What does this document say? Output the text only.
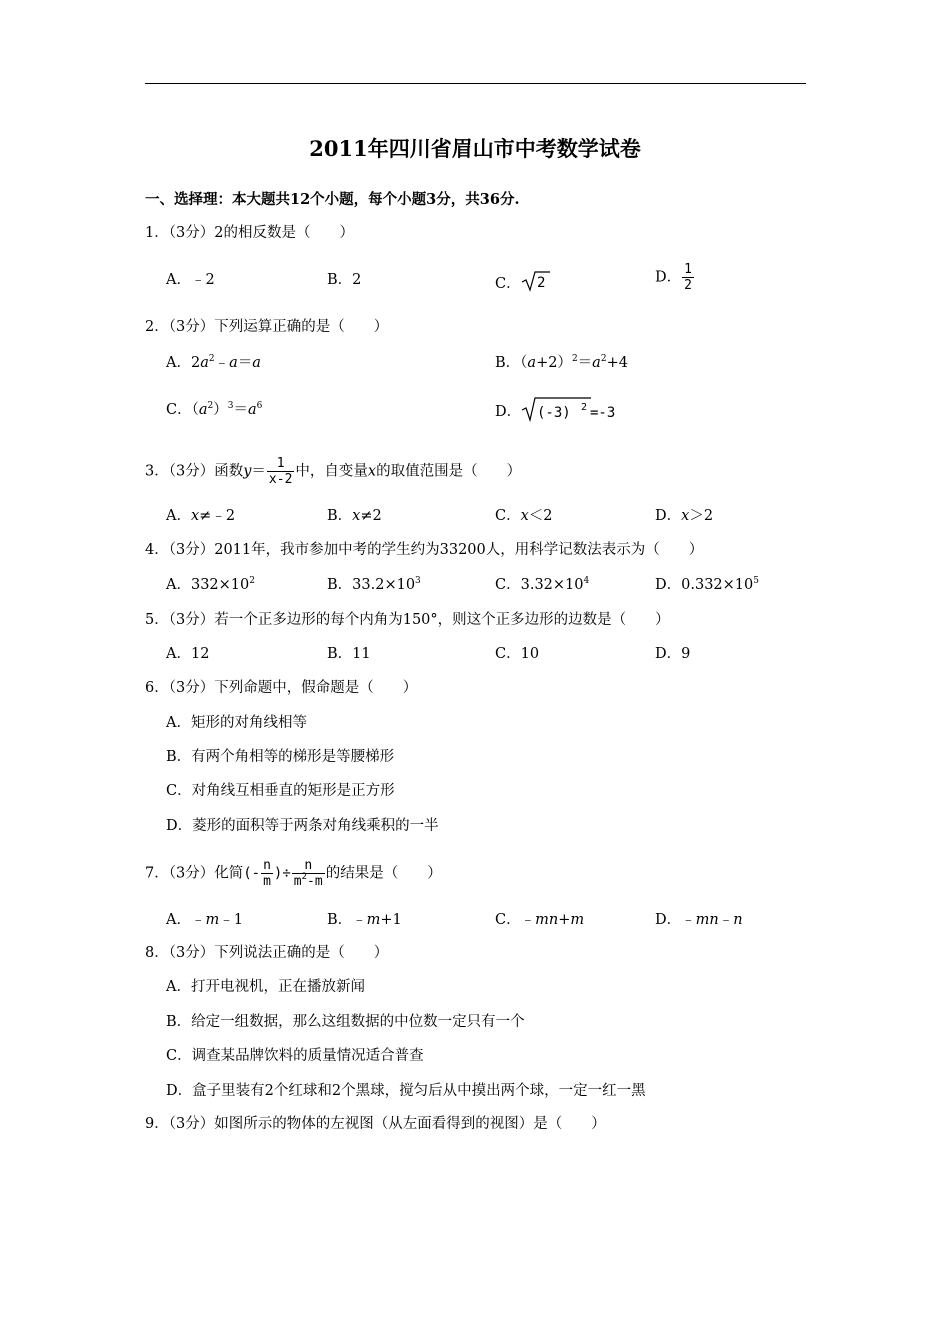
2011年四川省眉山市中考数学试卷
一、选择理：本大题共12个小题，每个小题3分，共36分.
1．（3分）2的相反数是（　　）
A．﹣2	B．2	C． 2	D． $\frac{1}{2}$
2．（3分）下列运算正确的是（　　）
A．$2a^2﹣a=a$	B．$(a+2)^2=a^2+4$
C．$(a^2)^3=a^6$	D． (-3) 2 =-3
3．（3分）函数$y= \frac{1}{x-2}$ 中，自变量x的取值范围是（　　）
A．x≠﹣2	B．x≠2	C．x＜2	D．x＞2
4．（3分）2011年，我市参加中考的学生约为33200人，用科学记数法表示为（　　）
A．$332\times 10^2$	B．$33.2\times 10^3$	C．$3.32\times 10^4$	D．$0.332\times 10^5$
5．（3分）若一个正多边形的每个内角为150°，则这个正多边形的边数是（　　）
A．12	B．11	C．10	D．9
6．（3分）下列命题中，假命题是（　　）
A．矩形的对角线相等
B．有两个角相等的梯形是等腰梯形
C．对角线互相垂直的矩形是正方形
D．菱形的面积等于两条对角线乘积的一半
7．（3分）化简(- $\frac{n}{m}$ )÷ $\frac{n}{m^2-m}$ 的结果是（　　）
A．﹣m﹣1	B．﹣m+1	C．﹣mn+m	D．﹣mn﹣n
8．（3分）下列说法正确的是（　　）
A．打开电视机，正在播放新闻
B．给定一组数据，那么这组数据的中位数一定只有一个
C．调查某品牌饮料的质量情况适合普查
D．盒子里装有2个红球和2个黑球，搅匀后从中摸出两个球，一定一红一黑
9．（3分）如图所示的物体的左视图（从左面看得到的视图）是（　　）
